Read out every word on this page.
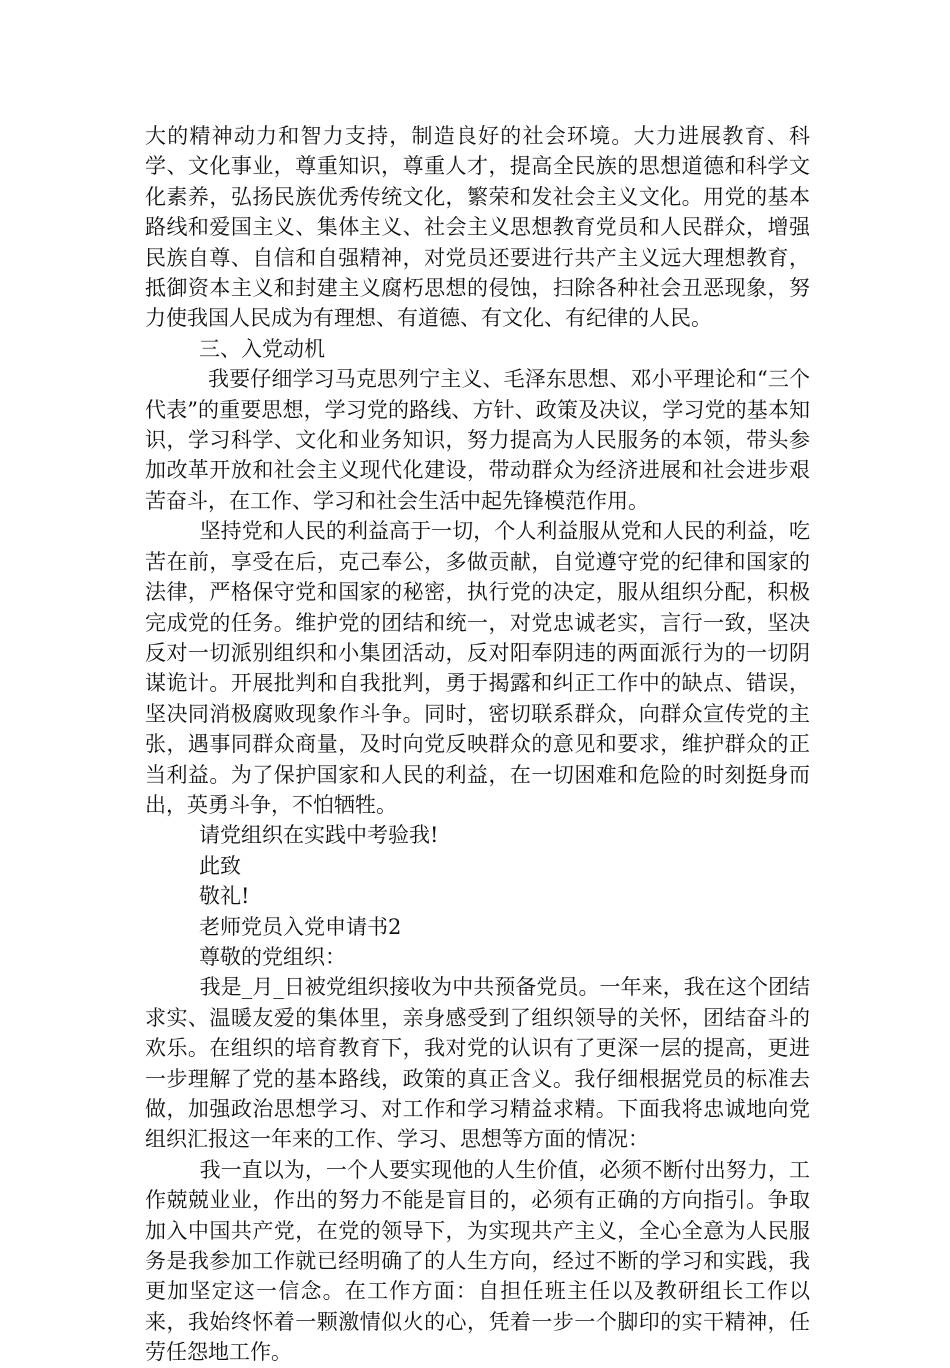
大的精神动力和智力支持，制造良好的社会环境。大力进展教育、科学、文化事业，尊重知识，尊重人才，提高全民族的思想道德和科学文化素养，弘扬民族优秀传统文化，繁荣和发社会主义文化。用党的基本路线和爱国主义、集体主义、社会主义思想教育党员和人民群众，增强民族自尊、自信和自强精神，对党员还要进行共产主义远大理想教育，抵御资本主义和封建主义腐朽思想的侵蚀，扫除各种社会丑恶现象，努力使我国人民成为有理想、有道德、有文化、有纪律的人民。

三、入党动机

我要仔细学习马克思列宁主义、毛泽东思想、邓小平理论和“三个代表”的重要思想，学习党的路线、方针、政策及决议，学习党的基本知识，学习科学、文化和业务知识，努力提高为人民服务的本领，带头参加改革开放和社会主义现代化建设，带动群众为经济进展和社会进步艰苦奋斗，在工作、学习和社会生活中起先锋模范作用。

坚持党和人民的利益高于一切，个人利益服从党和人民的利益，吃苦在前，享受在后，克己奉公，多做贡献，自觉遵守党的纪律和国家的法律，严格保守党和国家的秘密，执行党的决定，服从组织分配，积极完成党的任务。维护党的团结和统一，对党忠诚老实，言行一致，坚决反对一切派别组织和小集团活动，反对阳奉阴违的两面派行为的一切阴谋诡计。开展批判和自我批判，勇于揭露和纠正工作中的缺点、错误，坚决同消极腐败现象作斗争。同时，密切联系群众，向群众宣传党的主张，遇事同群众商量，及时向党反映群众的意见和要求，维护群众的正当利益。为了保护国家和人民的利益，在一切困难和危险的时刻挺身而出，英勇斗争，不怕牺牲。

请党组织在实践中考验我!

此致

敬礼!

老师党员入党申请书2

尊敬的党组织：

我是_月_日被党组织接收为中共预备党员。一年来，我在这个团结求实、温暖友爱的集体里，亲身感受到了组织领导的关怀，团结奋斗的欢乐。在组织的培育教育下，我对党的认识有了更深一层的提高，更进一步理解了党的基本路线，政策的真正含义。我仔细根据党员的标准去做，加强政治思想学习、对工作和学习精益求精。下面我将忠诚地向党组织汇报这一年来的工作、学习、思想等方面的情况：

我一直以为，一个人要实现他的人生价值，必须不断付出努力，工作兢兢业业，作出的努力不能是盲目的，必须有正确的方向指引。争取加入中国共产党，在党的领导下，为实现共产主义，全心全意为人民服务是我参加工作就已经明确了的人生方向，经过不断的学习和实践，我更加坚定这一信念。在工作方面：自担任班主任以及教研组长工作以来，我始终怀着一颗激情似火的心，凭着一步一个脚印的实干精神，任劳任怨地工作。
